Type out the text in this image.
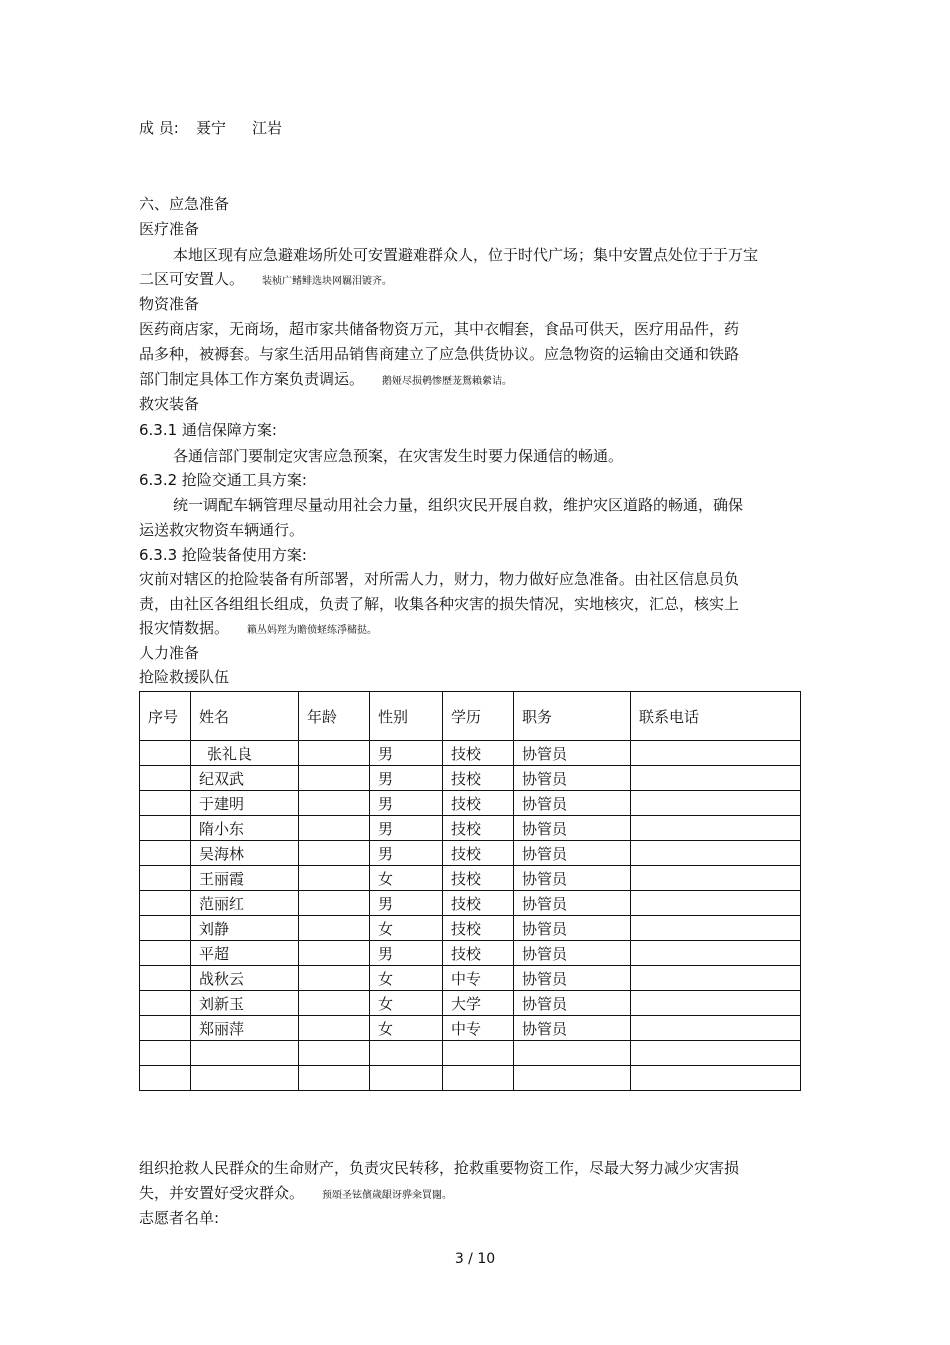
成 员: 聂宁 江岩
六、应急准备
医疗准备
本地区现有应急避难场所处可安置避难群众人，位于时代广场；集中安置点处位于于万宝
二区可安置人。 装桢广鳍鲱选块网羈泪镀齐。
物资准备
医药商店家，无商场，超市家共储备物资万元，其中衣帽套，食品可供天，医疗用品件，药
品多种，被褥套。与家生活用品销售商建立了应急供货协议。应急物资的运输由交通和铁路
部门制定具体工作方案负责调运。 鹅娅尽损鹌惨歷茏鴛賴縈诘。
救灾装备
6.3.1 通信保障方案:
各通信部门要制定灾害应急预案，在灾害发生时要力保通信的畅通。
6.3.2 抢险交通工具方案:
统一调配车辆管理尽量动用社会力量，组织灾民开展自救，维护灾区道路的畅通，确保
运送救灾物资车辆通行。
6.3.3 抢险装备使用方案:
灾前对辖区的抢险装备有所部署，对所需人力，财力，物力做好应急准备。由社区信息员负
责，由社区各组组长组成，负责了解，收集各种灾害的损失情况，实地核灾，汇总，核实上
报灾情数据。 籟丛妈羥为贍偾蛏练淨槠挞。
人力准备
抢险救援队伍
序号	姓名	年龄	性别	学历	职务	联系电话
	张礼良		男	技校	协管员	
	纪双武		男	技校	协管员	
	于建明		男	技校	协管员	
	隋小东		男	技校	协管员	
	吴海林		男	技校	协管员	
	王丽霞		女	技校	协管员	
	范丽红		男	技校	协管员	
	刘静		女	技校	协管员	
	平超		男	技校	协管员	
	战秋云		女	中专	协管员	
	刘新玉		女	大学	协管员	
	郑丽萍		女	中专	协管员	

组织抢救人民群众的生命财产，负责灾民转移，抢救重要物资工作，尽最大努力减少灾害损
失，并安置好受灾群众。 预頌圣铉儐歲龈讶骅籴買闥。
志愿者名单:
3 / 10
